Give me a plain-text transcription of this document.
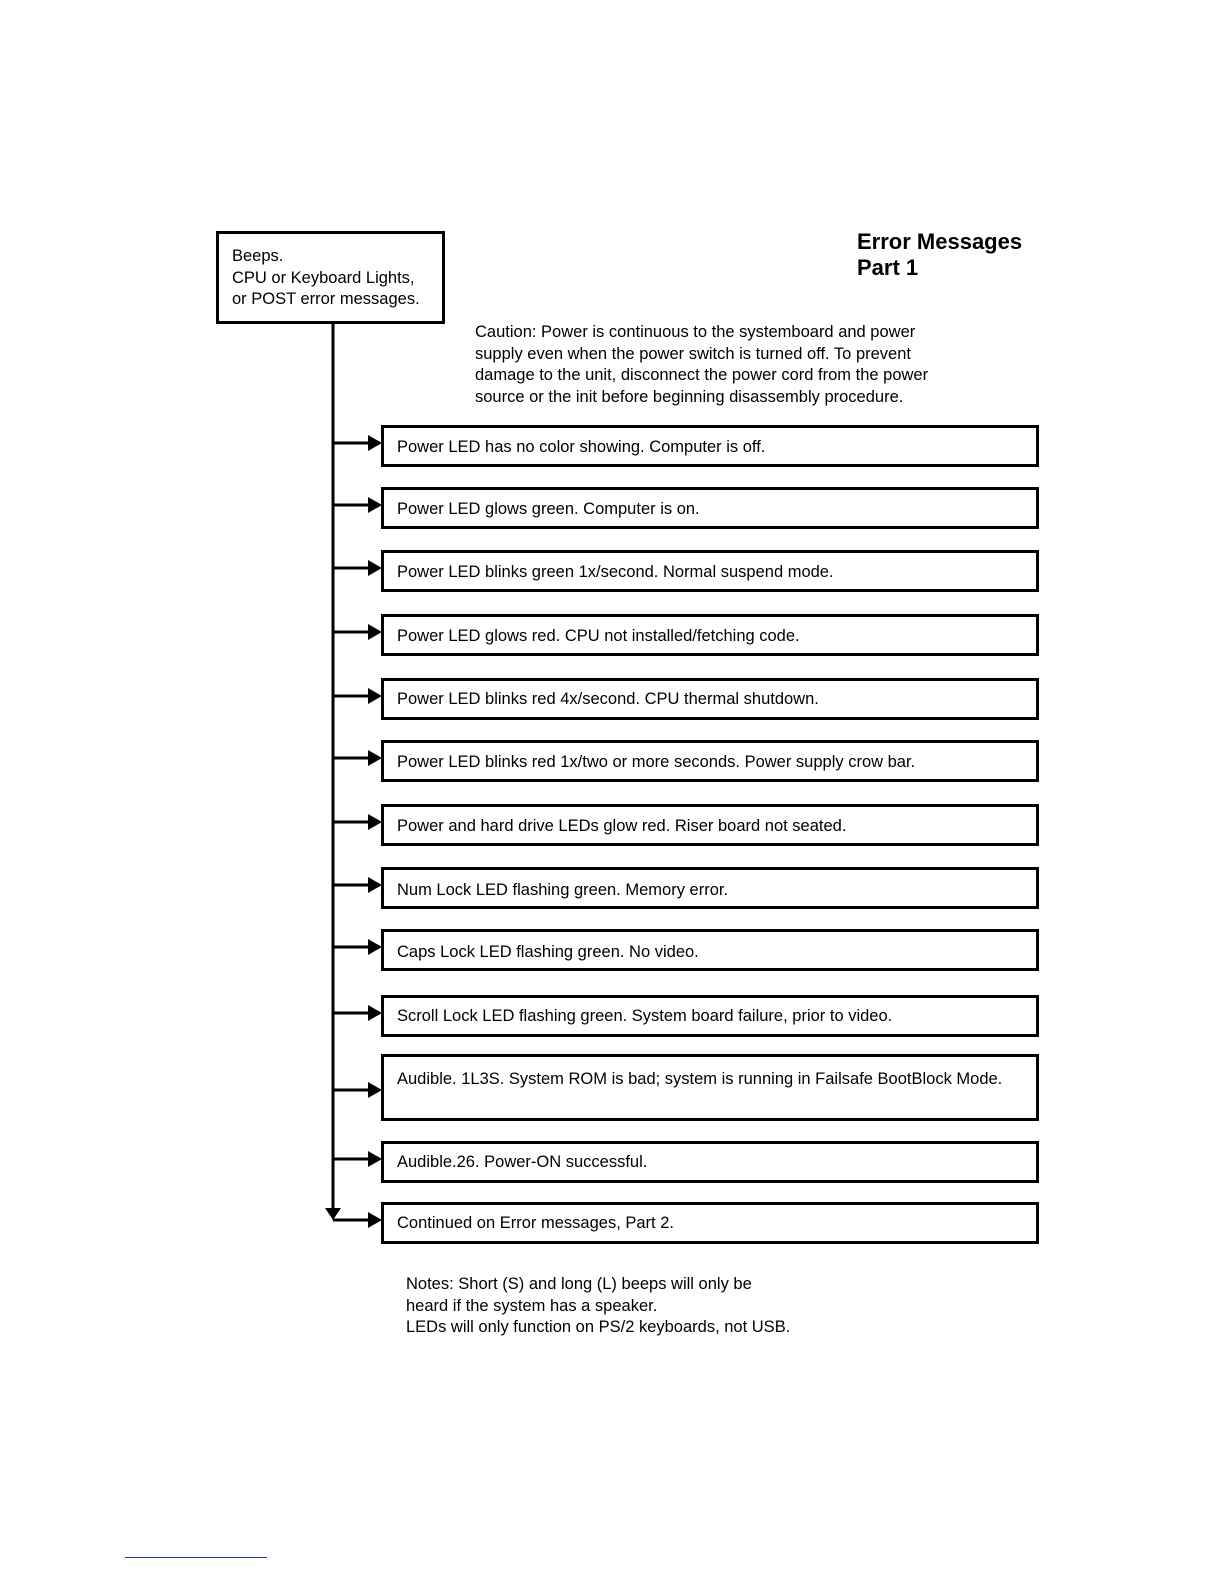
Beeps.
CPU or Keyboard Lights,
or POST error messages.
Error Messages
Part 1
Caution: Power is continuous to the systemboard and power
supply even when the power switch is turned off. To prevent
damage to the unit, disconnect the power cord from the power
source or the init before beginning disassembly procedure.
Power LED has no color showing. Computer is off.
Power LED glows green. Computer is on.
Power LED blinks green 1x/second. Normal suspend mode.
Power LED glows red. CPU not installed/fetching code.
Power LED blinks red 4x/second. CPU thermal shutdown.
Power LED blinks red 1x/two or more seconds. Power supply crow bar.
Power and hard drive LEDs glow red. Riser board not seated.
Num Lock LED flashing green. Memory error.
Caps Lock LED flashing green. No video.
Scroll Lock LED flashing green. System board failure, prior to video.
Audible. 1L3S. System ROM is bad; system is running in Failsafe BootBlock Mode.
Audible.26. Power-ON successful.
Continued on Error messages, Part 2.
Notes: Short (S) and long (L) beeps will only be
heard if the system has a speaker.
LEDs will only function on PS/2 keyboards, not USB.
